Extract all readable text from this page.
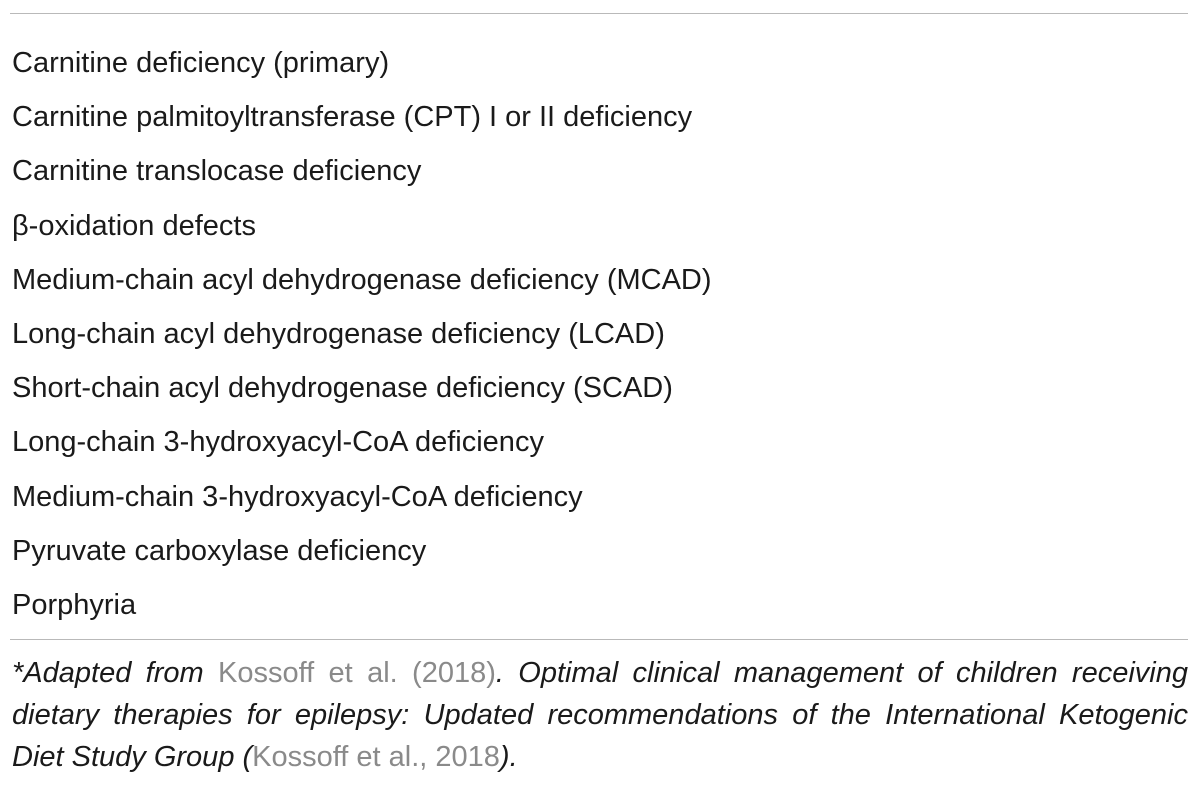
Carnitine deficiency (primary)
Carnitine palmitoyltransferase (CPT) I or II deficiency
Carnitine translocase deficiency
β-oxidation defects
Medium-chain acyl dehydrogenase deficiency (MCAD)
Long-chain acyl dehydrogenase deficiency (LCAD)
Short-chain acyl dehydrogenase deficiency (SCAD)
Long-chain 3-hydroxyacyl-CoA deficiency
Medium-chain 3-hydroxyacyl-CoA deficiency
Pyruvate carboxylase deficiency
Porphyria

*Adapted from Kossoff et al. (2018). Optimal clinical management of children receiving dietary therapies for epilepsy: Updated recommendations of the International Ketogenic Diet Study Group (Kossoff et al., 2018).
